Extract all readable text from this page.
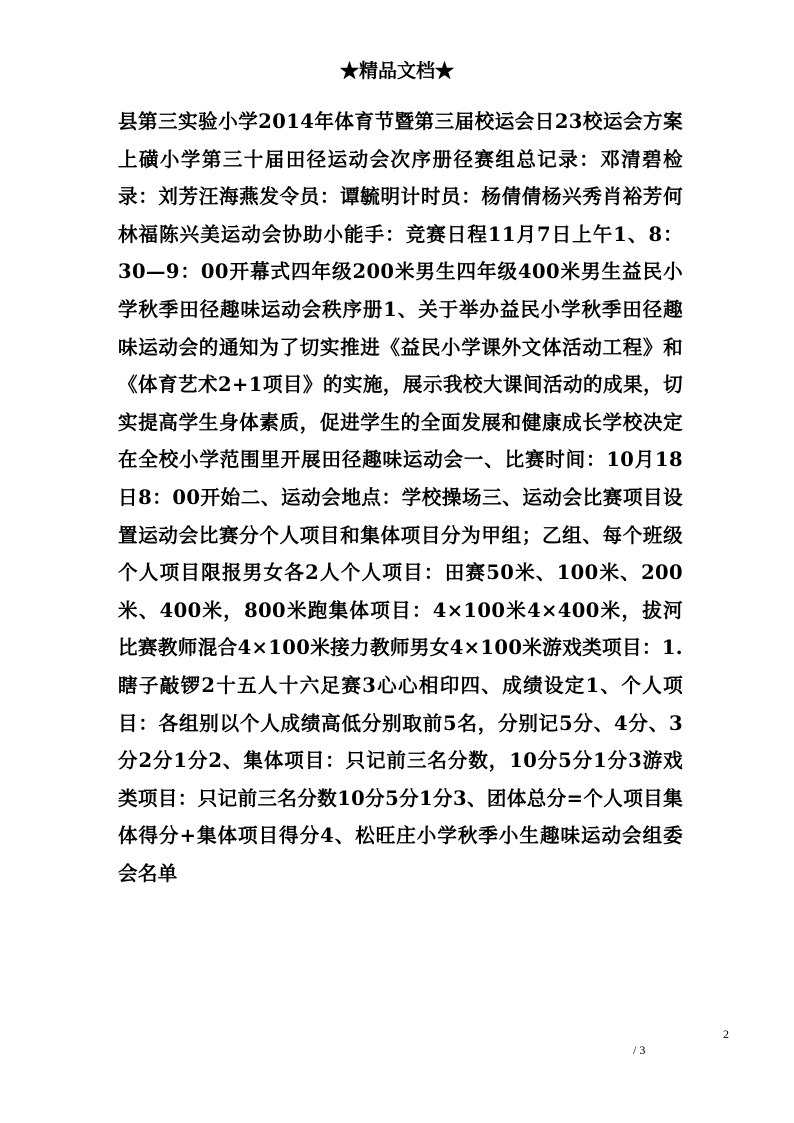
★精品文档★
县第三实验小学2014年体育节暨第三届校运会日23校运会方案上磺小学第三十届田径运动会次序册径赛组总记录：邓清碧检录：刘芳汪海燕发令员：谭毓明计时员：杨倩倩杨兴秀肖裕芳何林福陈兴美运动会协助小能手：竞赛日程11月7日上午1、8：30—9：00开幕式四年级200米男生四年级400米男生益民小学秋季田径趣味运动会秩序册1、关于举办益民小学秋季田径趣味运动会的通知为了切实推进《益民小学课外文体活动工程》和《体育艺术2+1项目》的实施，展示我校大课间活动的成果，切实提高学生身体素质，促进学生的全面发展和健康成长学校决定在全校小学范围里开展田径趣味运动会一、比赛时间：10月18日8：00开始二、运动会地点：学校操场三、运动会比赛项目设置运动会比赛分个人项目和集体项目分为甲组；乙组、每个班级个人项目限报男女各2人个人项目：田赛50米、100米、200米、400米，800米跑集体项目：4×100米4×400米，拔河比赛教师混合4×100米接力教师男女4×100米游戏类项目：1.瞎子敲锣2十五人十六足赛3心心相印四、成绩设定1、个人项目：各组别以个人成绩高低分别取前5名，分别记5分、4分、3分2分1分2、集体项目：只记前三名分数，10分5分1分3游戏类项目：只记前三名分数10分5分1分3、团体总分=个人项目集体得分+集体项目得分4、松旺庄小学秋季小生趣味运动会组委会名单
2
/ 3
